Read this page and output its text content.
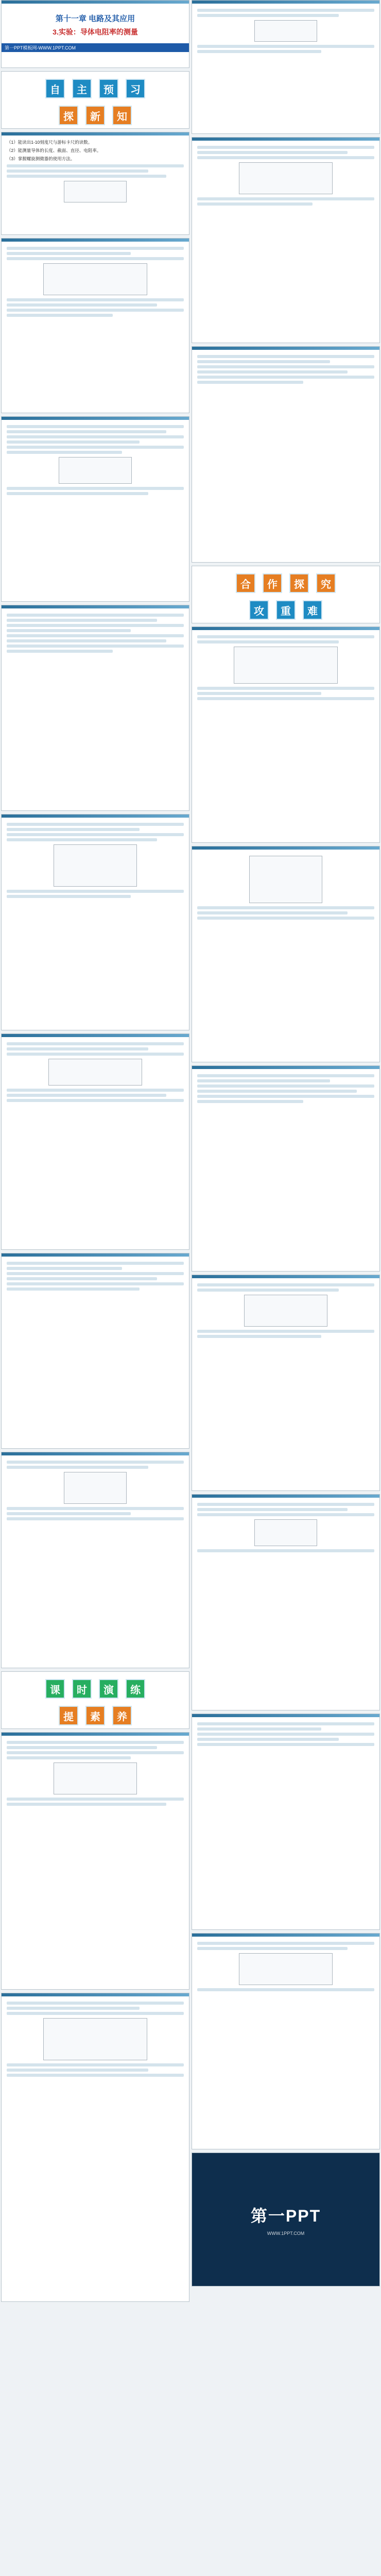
第十一章 电路及其应用
3.实验：导体电阻率的测量
第一PPT模板网-WWW.1PPT.COM
自	主	预	习
探	新	知

（1）能读出1-10刻度尺与游标卡尺的读数。

（2）能测量导体的长度、截面、直径、电阻率。

（3）掌握螺旋测微器的使用方法。

课	时	演	练
提	素	养
合	作	探	究
攻	重	难
第一PPT
WWW.1PPT.COM
